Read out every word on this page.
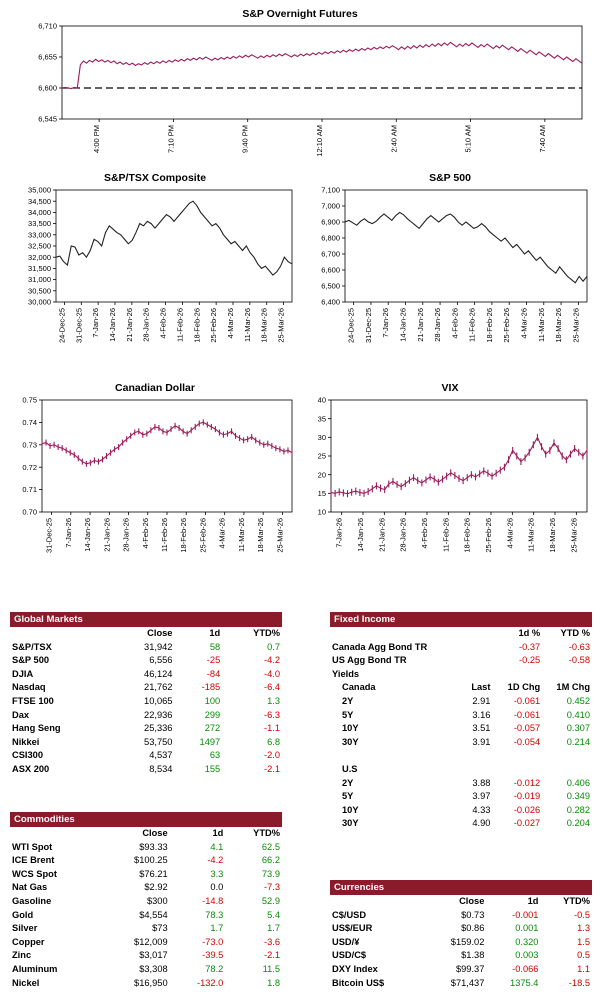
S&P Overnight Futures
6,710
6,655
6,600
6,545
4:00 PM	7:10 PM	9:40 PM	12:10 AM	2:40 AM	5:10 AM	7:40 AM
S&P/TSX Composite
35,000
34,500
34,000
33,500
33,000
32,500
32,000
31,500
31,000
30,500
30,000
24-Dec-25 31-Dec-25 7-Jan-26 14-Jan-26 21-Jan-26 28-Jan-26 4-Feb-26 11-Feb-26 18-Feb-26 25-Feb-26 4-Mar-26 11-Mar-26 18-Mar-26 25-Mar-26
S&P 500
7,100
7,000
6,900
6,800
6,700
6,600
6,500
6,400
24-Dec-25 31-Dec-25 7-Jan-26 14-Jan-26 21-Jan-26 28-Jan-26 4-Feb-26 11-Feb-26 18-Feb-26 25-Feb-26 4-Mar-26 11-Mar-26 18-Mar-26 25-Mar-26
Canadian Dollar
0.75
0.74
0.73
0.72
0.71
0.70
31-Dec-25 7-Jan-26 14-Jan-26 21-Jan-26 28-Jan-26 4-Feb-26 11-Feb-26 18-Feb-26 25-Feb-26 4-Mar-26 11-Mar-26 18-Mar-26 25-Mar-26
VIX
40
35
30
25
20
15
10
7-Jan-26 14-Jan-26 21-Jan-26 28-Jan-26 4-Feb-26 11-Feb-26 18-Feb-26 25-Feb-26 4-Mar-26 11-Mar-26 18-Mar-26 25-Mar-26
Global Markets
	Close	1d	YTD%
S&P/TSX	31,942	58	0.7
S&P 500	6,556	-25	-4.2
DJIA	46,124	-84	-4.0
Nasdaq	21,762	-185	-6.4
FTSE 100	10,065	100	1.3
Dax	22,936	299	-6.3
Hang Seng	25,336	272	-1.1
Nikkei	53,750	1497	6.8
CSI300	4,537	63	-2.0
ASX 200	8,534	155	-2.1
Commodities
	Close	1d	YTD%
WTI Spot	$93.33	4.1	62.5
ICE Brent	$100.25	-4.2	66.2
WCS Spot	$76.21	3.3	73.9
Nat Gas	$2.92	0.0	-7.3
Gasoline	$300	-14.8	52.9
Gold	$4,554	78.3	5.4
Silver	$73	1.7	1.7
Copper	$12,009	-73.0	-3.6
Zinc	$3,017	-39.5	-2.1
Aluminum	$3,308	78.2	11.5
Nickel	$16,950	-132.0	1.8
Fixed Income
		1d %	YTD %
Canada Agg Bond TR		-0.37	-0.63
US Agg Bond TR		-0.25	-0.58
Yields			
Canada	Last	1D Chg	1M Chg
2Y	2.91	-0.061	0.452
5Y	3.16	-0.061	0.410
10Y	3.51	-0.057	0.307
30Y	3.91	-0.054	0.214

U.S			
2Y	3.88	-0.012	0.406
5Y	3.97	-0.019	0.349
10Y	4.33	-0.026	0.282
30Y	4.90	-0.027	0.204
Currencies
	Close	1d	YTD%
C$/USD	$0.73	-0.001	-0.5
US$/EUR	$0.86	0.001	1.3
USD/¥	$159.02	0.320	1.5
USD/C$	$1.38	0.003	0.5
DXY Index	$99.37	-0.066	1.1
Bitcoin US$	$71,437	1375.4	-18.5
